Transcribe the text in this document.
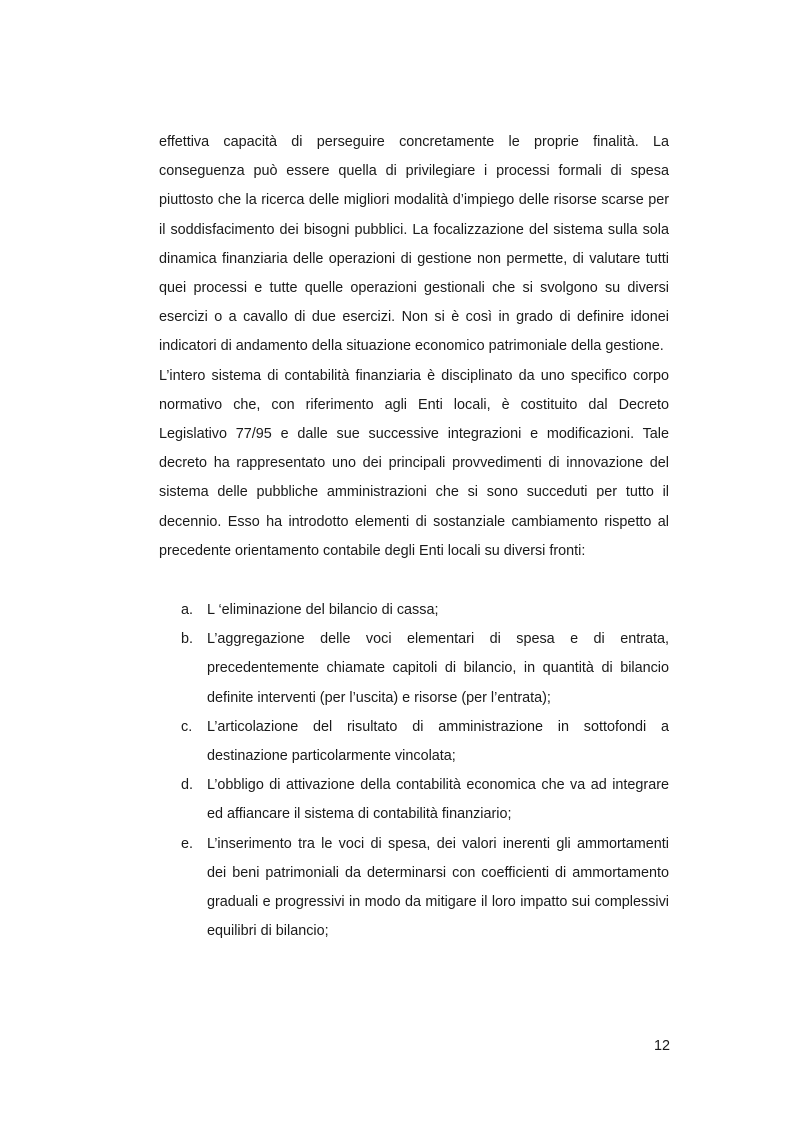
effettiva capacità di perseguire concretamente le proprie finalità. La conseguenza può essere quella di privilegiare i processi formali di spesa piuttosto che la ricerca delle migliori modalità d’impiego delle risorse scarse per il soddisfacimento dei bisogni pubblici. La focalizzazione del sistema sulla sola dinamica finanziaria delle operazioni di gestione non permette, di valutare tutti quei processi e tutte quelle operazioni gestionali che si svolgono su diversi esercizi o a cavallo di due esercizi. Non si è così in grado di definire idonei indicatori di andamento della situazione economico patrimoniale della gestione.

L’intero sistema di contabilità finanziaria è disciplinato da uno specifico corpo normativo che, con riferimento agli Enti locali, è costituito dal Decreto Legislativo 77/95 e dalle sue successive integrazioni e modificazioni. Tale decreto ha rappresentato uno dei principali provvedimenti di innovazione del sistema delle pubbliche amministrazioni che si sono succeduti per tutto il decennio. Esso ha introdotto elementi di sostanziale cambiamento rispetto al precedente orientamento contabile degli Enti locali su diversi fronti:

a. L ‘eliminazione del bilancio di cassa;
b. L’aggregazione delle voci elementari di spesa e di entrata, precedentemente chiamate capitoli di bilancio, in quantità di bilancio definite interventi (per l’uscita) e risorse (per l’entrata);
c. L’articolazione del risultato di amministrazione in sottofondi a destinazione particolarmente vincolata;
d. L’obbligo di attivazione della contabilità economica che va ad integrare ed affiancare il sistema di contabilità finanziario;
e. L’inserimento tra le voci di spesa, dei valori inerenti gli ammortamenti dei beni patrimoniali da determinarsi con coefficienti di ammortamento graduali e progressivi in modo da mitigare il loro impatto sui complessivi equilibri di bilancio;
12
